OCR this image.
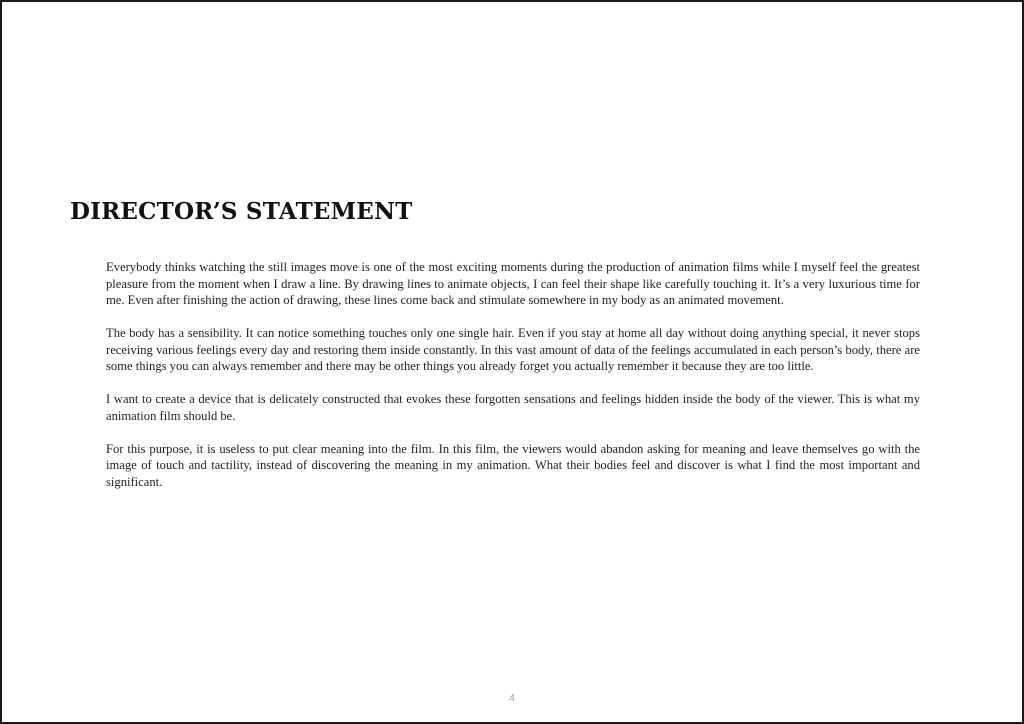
DIRECTOR’S STATEMENT

Everybody thinks watching the still images move is one of the most exciting moments during the production of animation films while I myself feel the greatest pleasure from the moment when I draw a line. By drawing lines to animate objects, I can feel their shape like carefully touching it. It’s a very luxurious time for me. Even after finishing the action of drawing, these lines come back and stimulate somewhere in my body as an animated movement.

The body has a sensibility. It can notice something touches only one single hair. Even if you stay at home all day without doing anything special, it never stops receiving various feelings every day and restoring them inside constantly. In this vast amount of data of the feelings accumulated in each person’s body, there are some things you can always remember and there may be other things you already forget you actually remember it because they are too little.

I want to create a device that is delicately constructed that evokes these forgotten sensations and feelings hidden inside the body of the viewer. This is what my animation film should be.

For this purpose, it is useless to put clear meaning into the film. In this film, the viewers would abandon asking for meaning and leave themselves go with the image of touch and tactility, instead of discovering the meaning in my animation. What their bodies feel and discover is what I find the most important and significant.

4
